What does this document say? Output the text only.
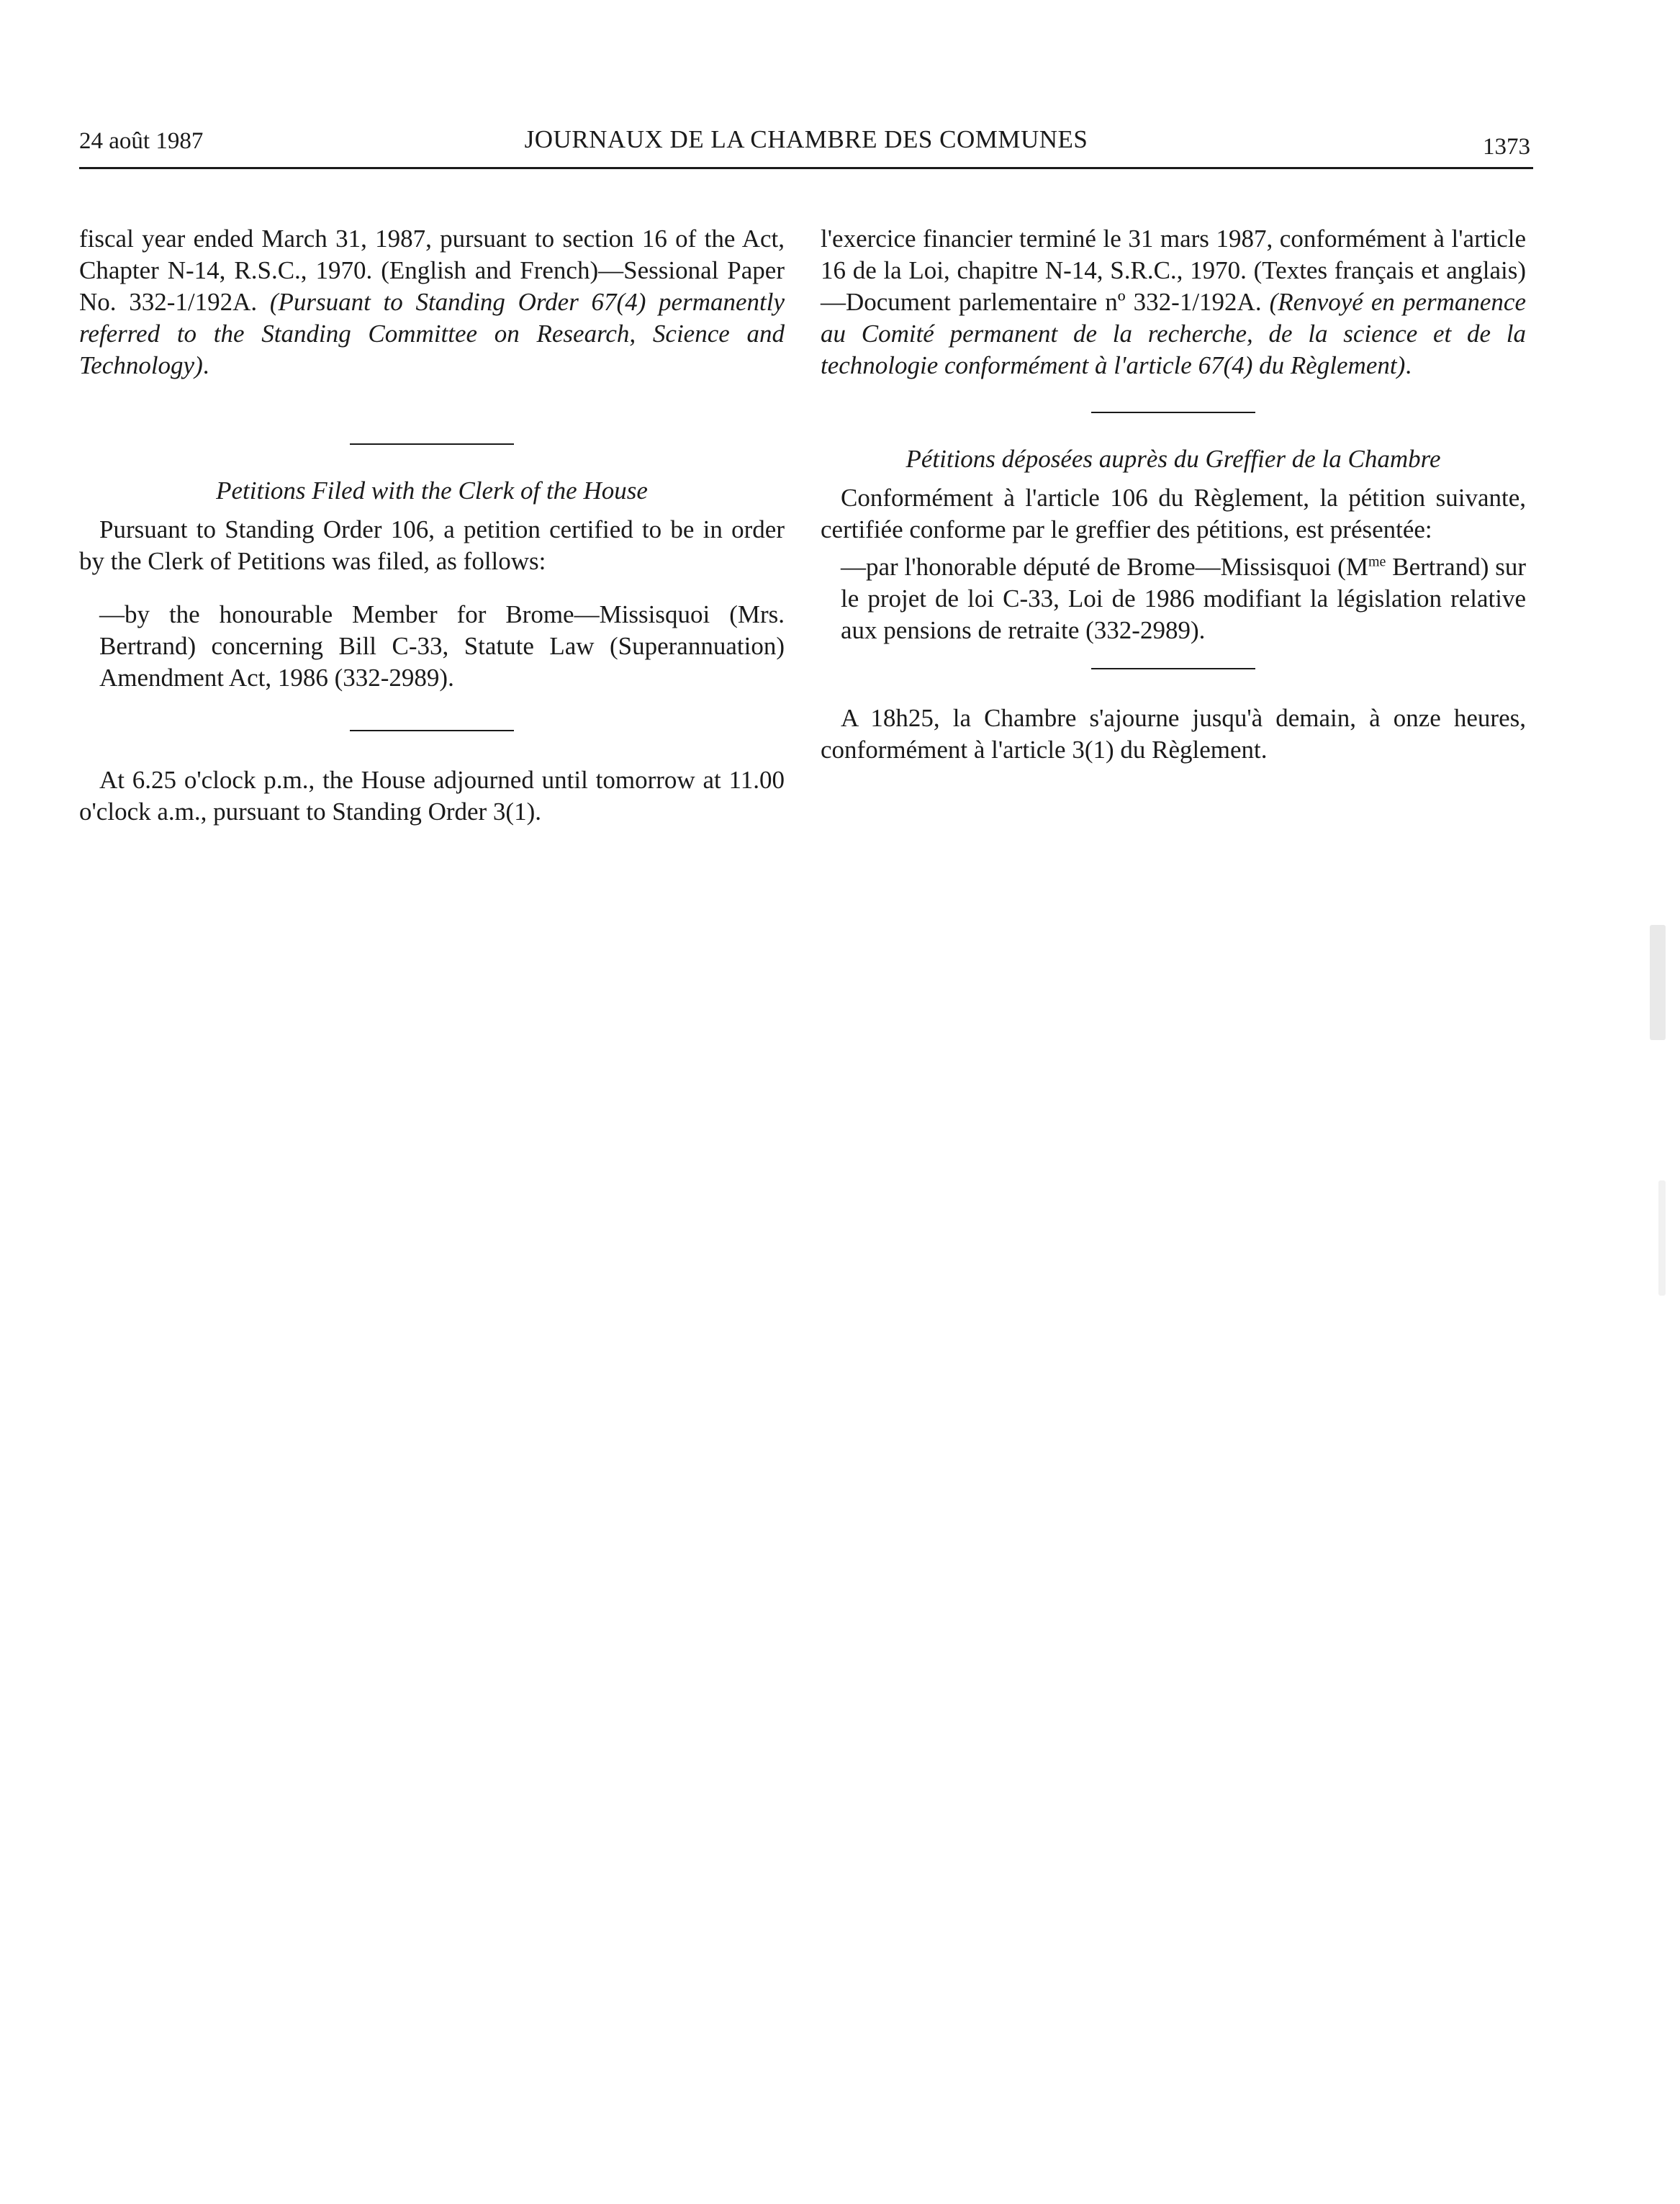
24 août 1987	JOURNAUX DE LA CHAMBRE DES COMMUNES	1373

fiscal year ended March 31, 1987, pursuant to section 16 of the Act, Chapter N-14, R.S.C., 1970. (English and French)—Sessional Paper No. 332-1/192A. (Pursuant to Standing Order 67(4) permanently referred to the Standing Committee on Research, Science and Technology).

Petitions Filed with the Clerk of the House

Pursuant to Standing Order 106, a petition certified to be in order by the Clerk of Petitions was filed, as follows:

—by the honourable Member for Brome—Missisquoi (Mrs. Bertrand) concerning Bill C-33, Statute Law (Superannuation) Amendment Act, 1986 (332-2989).

At 6.25 o'clock p.m., the House adjourned until tomorrow at 11.00 o'clock a.m., pursuant to Standing Order 3(1).

l'exercice financier terminé le 31 mars 1987, conformément à l'article 16 de la Loi, chapitre N-14, S.R.C., 1970. (Textes français et anglais)—Document parlementaire nº 332-1/192A. (Renvoyé en permanence au Comité permanent de la recherche, de la science et de la technologie conformément à l'article 67(4) du Règlement).

Pétitions déposées auprès du Greffier de la Chambre

Conformément à l'article 106 du Règlement, la pétition suivante, certifiée conforme par le greffier des pétitions, est présentée:

—par l'honorable député de Brome—Missisquoi ($M^{me}$ Bertrand) sur le projet de loi C-33, Loi de 1986 modifiant la législation relative aux pensions de retraite (332-2989).

A 18h25, la Chambre s'ajourne jusqu'à demain, à onze heures, conformément à l'article 3(1) du Règlement.
